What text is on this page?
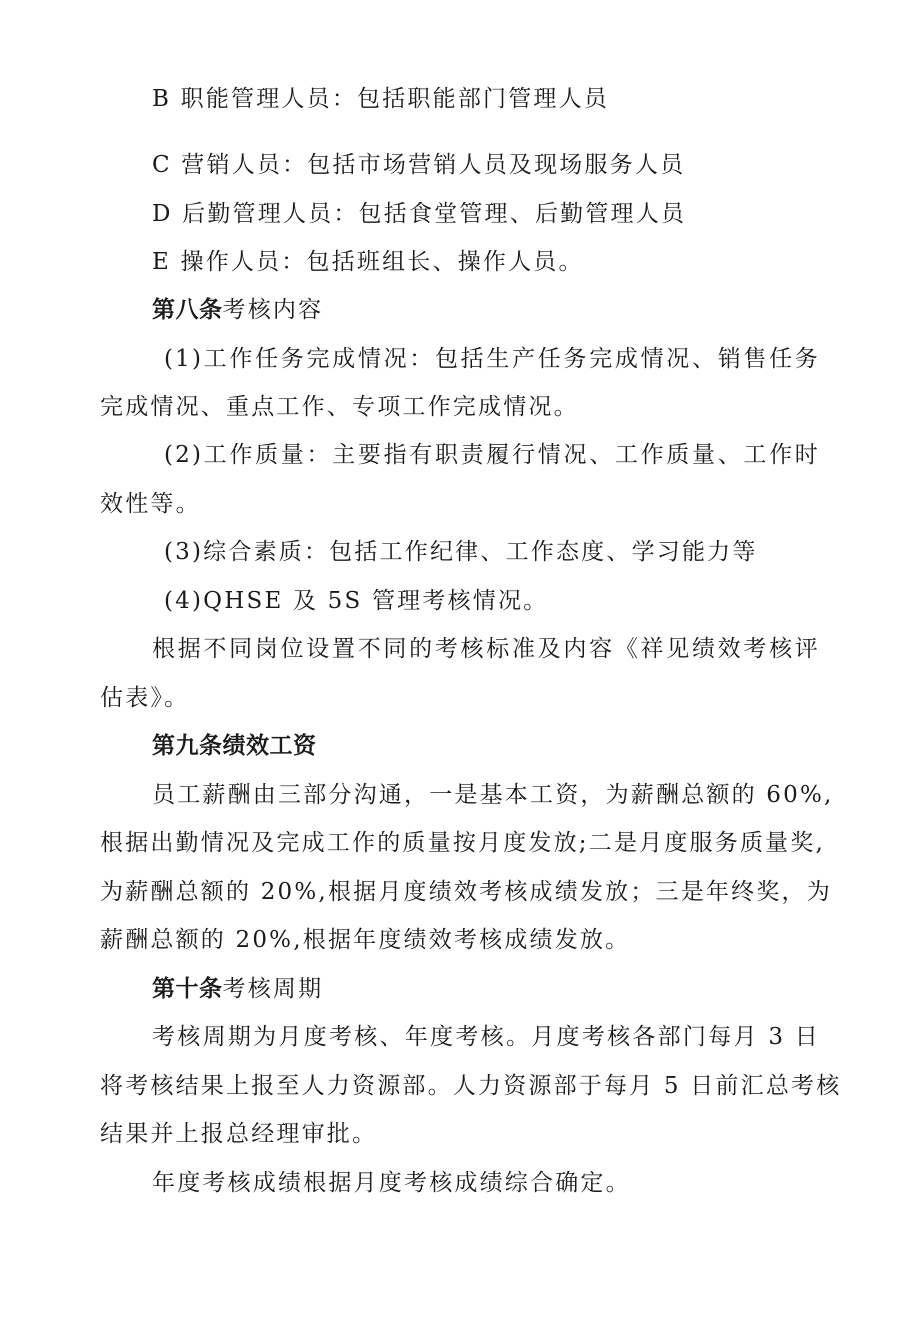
B 职能管理人员：包括职能部门管理人员
C 营销人员：包括市场营销人员及现场服务人员
D 后勤管理人员：包括食堂管理、后勤管理人员
E 操作人员：包括班组长、操作人员。
第八条考核内容
(1)工作任务完成情况：包括生产任务完成情况、销售任务
完成情况、重点工作、专项工作完成情况。
(2)工作质量：主要指有职责履行情况、工作质量、工作时
效性等。
(3)综合素质：包括工作纪律、工作态度、学习能力等
(4)QHSE 及 5S 管理考核情况。
根据不同岗位设置不同的考核标准及内容《祥见绩效考核评
估表》。
第九条绩效工资
员工薪酬由三部分沟通，一是基本工资，为薪酬总额的 60%,
根据出勤情况及完成工作的质量按月度发放;二是月度服务质量奖,
为薪酬总额的 20%,根据月度绩效考核成绩发放；三是年终奖，为
薪酬总额的 20%,根据年度绩效考核成绩发放。
第十条考核周期
考核周期为月度考核、年度考核。月度考核各部门每月 3 日
将考核结果上报至人力资源部。人力资源部于每月 5 日前汇总考核
结果并上报总经理审批。
年度考核成绩根据月度考核成绩综合确定。
